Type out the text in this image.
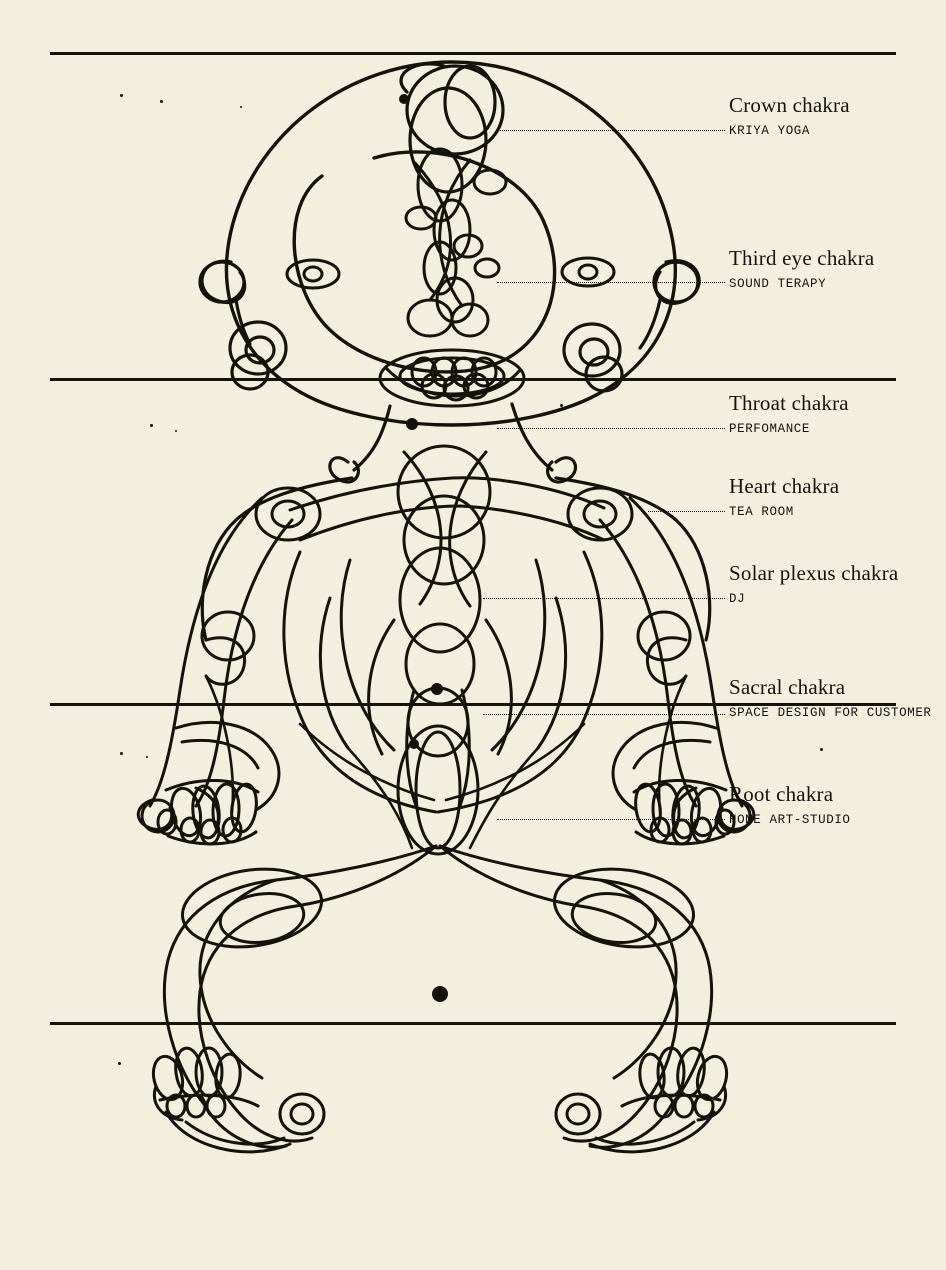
Crown chakra
KRIYA YOGA
Third eye chakra
SOUND TERAPY
Throat chakra
PERFOMANCE
Heart chakra
TEA ROOM
Solar plexus chakra
DJ
Sacral chakra
SPACE DESIGN FOR CUSTOMER
Root chakra
HOME ART-STUDIO
